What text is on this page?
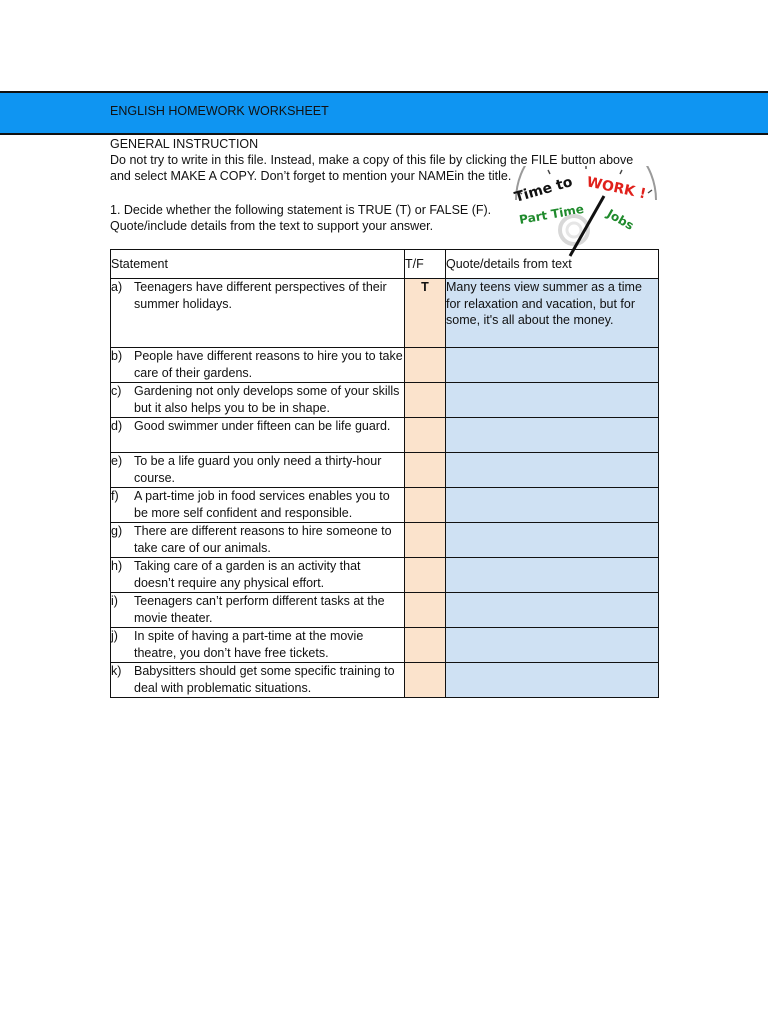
ENGLISH HOMEWORK WORKSHEET
GENERAL INSTRUCTION
Do not try to write in this file. Instead, make a copy of this file by clicking the FILE button above
and select MAKE A COPY. Don’t forget to mention your NAMEin the title.
1. Decide whether the following statement is TRUE (T) or FALSE (F).
Quote/include details from the text to support your answer.
Time to WORK !
Part Time Jobs
Statement	T/F	Quote/details from text

a) Teenagers have different perspectives of their summer holidays.	T	Many teens view summer as a time for relaxation and vacation, but for some, it's all about the money.

b) People have different reasons to hire you to take care of their gardens.		

c) Gardening not only develops some of your skills but it also helps you to be in shape.		

d) Good swimmer under fifteen can be life guard.		

e) To be a life guard you only need a thirty-hour course.		

f) A part-time job in food services enables you to be more self confident and responsible.		

g) There are different reasons to hire someone to take care of our animals.		

h) Taking care of a garden is an activity that doesn’t require any physical effort.		

i) Teenagers can’t perform different tasks at the movie theater.		

j) In spite of having a part-time at the movie theatre, you don’t have free tickets.		

k) Babysitters should get some specific training to deal with problematic situations.		
